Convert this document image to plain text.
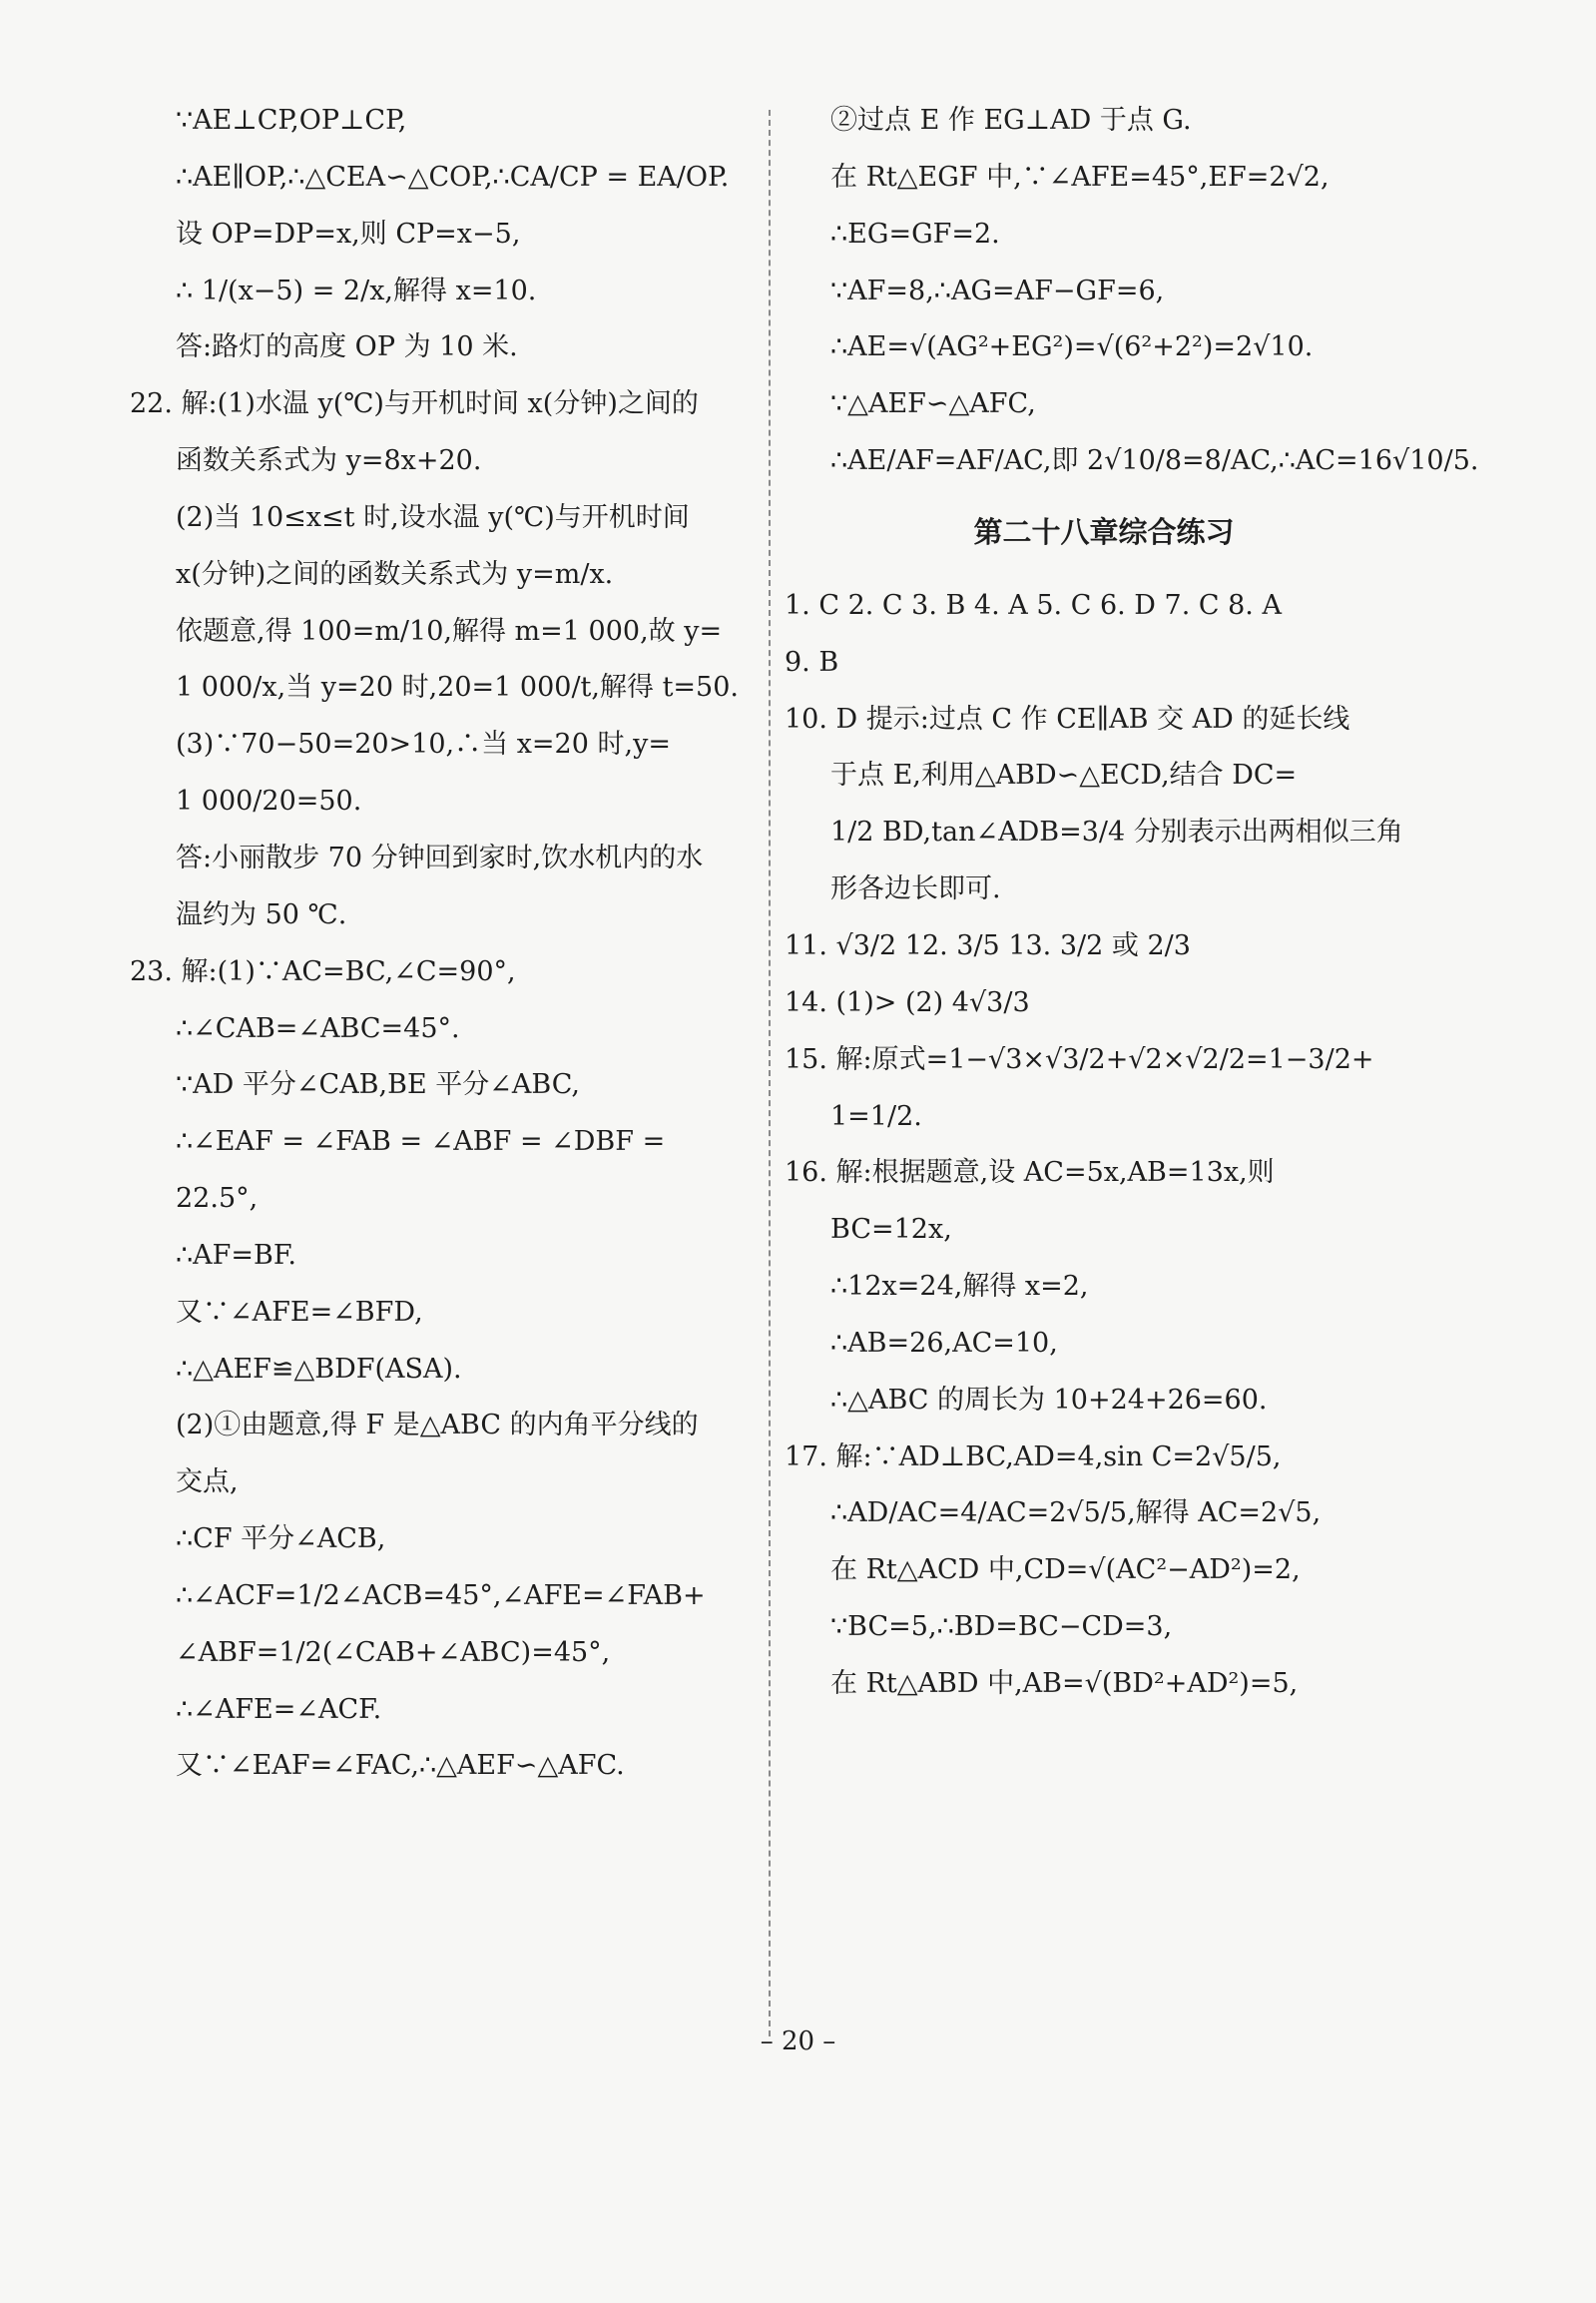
∵AE⊥CP,OP⊥CP,
∴AE∥OP,∴△CEA∽△COP,∴CA/CP = EA/OP.
设 OP=DP=x,则 CP=x−5,
∴ 1/(x−5) = 2/x,解得 x=10.
答:路灯的高度 OP 为 10 米.
22. 解:(1)水温 y(℃)与开机时间 x(分钟)之间的
函数关系式为 y=8x+20.
(2)当 10≤x≤t 时,设水温 y(℃)与开机时间
x(分钟)之间的函数关系式为 y=m/x.
依题意,得 100=m/10,解得 m=1 000,故 y=
1 000/x,当 y=20 时,20=1 000/t,解得 t=50.
(3)∵70−50=20>10,∴当 x=20 时,y=
1 000/20=50.
答:小丽散步 70 分钟回到家时,饮水机内的水
温约为 50 ℃.
23. 解:(1)∵AC=BC,∠C=90°,
∴∠CAB=∠ABC=45°.
∵AD 平分∠CAB,BE 平分∠ABC,
∴∠EAF = ∠FAB = ∠ABF = ∠DBF =
22.5°,
∴AF=BF.
又∵∠AFE=∠BFD,
∴△AEF≌△BDF(ASA).
(2)①由题意,得 F 是△ABC 的内角平分线的
交点,
∴CF 平分∠ACB,
∴∠ACF=1/2∠ACB=45°,∠AFE=∠FAB+
∠ABF=1/2(∠CAB+∠ABC)=45°,
∴∠AFE=∠ACF.
又∵∠EAF=∠FAC,∴△AEF∽△AFC.
②过点 E 作 EG⊥AD 于点 G.
在 Rt△EGF 中,∵∠AFE=45°,EF=2√2,
∴EG=GF=2.
∵AF=8,∴AG=AF−GF=6,
∴AE=√(AG²+EG²)=√(6²+2²)=2√10.
∵△AEF∽△AFC,
∴AE/AF=AF/AC,即 2√10/8=8/AC,∴AC=16√10/5.
第二十八章综合练习
1. C 2. C 3. B 4. A 5. C 6. D 7. C 8. A
9. B
10. D 提示:过点 C 作 CE∥AB 交 AD 的延长线
于点 E,利用△ABD∽△ECD,结合 DC=
1/2 BD,tan∠ADB=3/4 分别表示出两相似三角
形各边长即可.
11. √3/2 12. 3/5 13. 3/2 或 2/3
14. (1)> (2) 4√3/3
15. 解:原式=1−√3×√3/2+√2×√2/2=1−3/2+
1=1/2.
16. 解:根据题意,设 AC=5x,AB=13x,则
BC=12x,
∴12x=24,解得 x=2,
∴AB=26,AC=10,
∴△ABC 的周长为 10+24+26=60.
17. 解:∵AD⊥BC,AD=4,sin C=2√5/5,
∴AD/AC=4/AC=2√5/5,解得 AC=2√5,
在 Rt△ACD 中,CD=√(AC²−AD²)=2,
∵BC=5,∴BD=BC−CD=3,
在 Rt△ABD 中,AB=√(BD²+AD²)=5,
– 20 –
